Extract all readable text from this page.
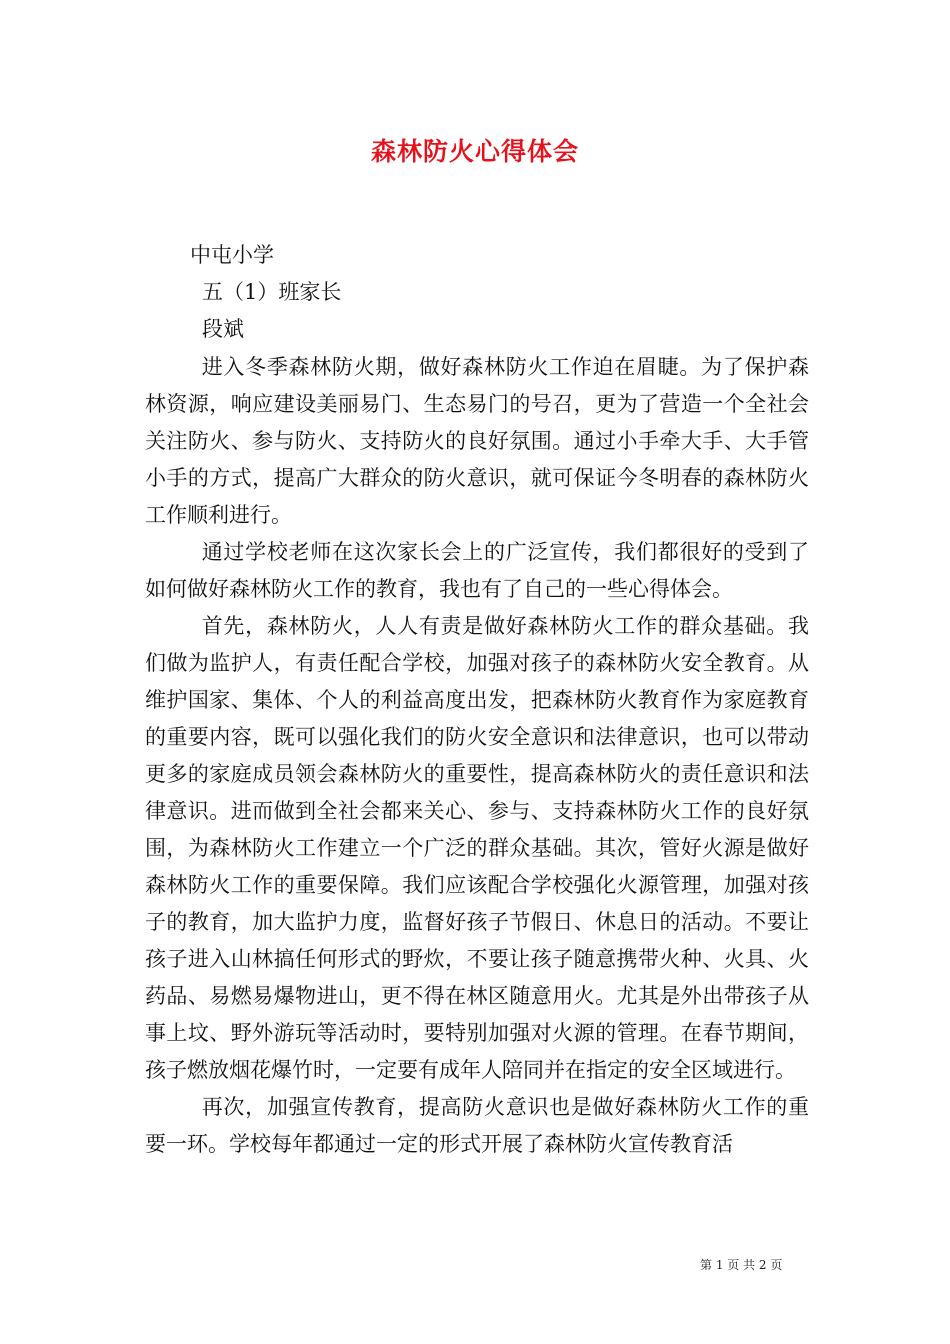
森林防火心得体会
中屯小学
五（1）班家长
段斌

进入冬季森林防火期，做好森林防火工作迫在眉睫。为了保护森林资源，响应建设美丽易门、生态易门的号召，更为了营造一个全社会关注防火、参与防火、支持防火的良好氛围。通过小手牵大手、大手管小手的方式，提高广大群众的防火意识，就可保证今冬明春的森林防火工作顺利进行。

通过学校老师在这次家长会上的广泛宣传，我们都很好的受到了如何做好森林防火工作的教育，我也有了自己的一些心得体会。

首先，森林防火，人人有责是做好森林防火工作的群众基础。我们做为监护人，有责任配合学校，加强对孩子的森林防火安全教育。从维护国家、集体、个人的利益高度出发，把森林防火教育作为家庭教育的重要内容，既可以强化我们的防火安全意识和法律意识，也可以带动更多的家庭成员领会森林防火的重要性，提高森林防火的责任意识和法律意识。进而做到全社会都来关心、参与、支持森林防火工作的良好氛围，为森林防火工作建立一个广泛的群众基础。其次，管好火源是做好森林防火工作的重要保障。我们应该配合学校强化火源管理，加强对孩子的教育，加大监护力度，监督好孩子节假日、休息日的活动。不要让孩子进入山林搞任何形式的野炊，不要让孩子随意携带火种、火具、火药品、易燃易爆物进山，更不得在林区随意用火。尤其是外出带孩子从事上坟、野外游玩等活动时，要特别加强对火源的管理。在春节期间，孩子燃放烟花爆竹时，一定要有成年人陪同并在指定的安全区域进行。

再次，加强宣传教育，提高防火意识也是做好森林防火工作的重要一环。学校每年都通过一定的形式开展了森林防火宣传教育活

第 1 页 共 2 页
